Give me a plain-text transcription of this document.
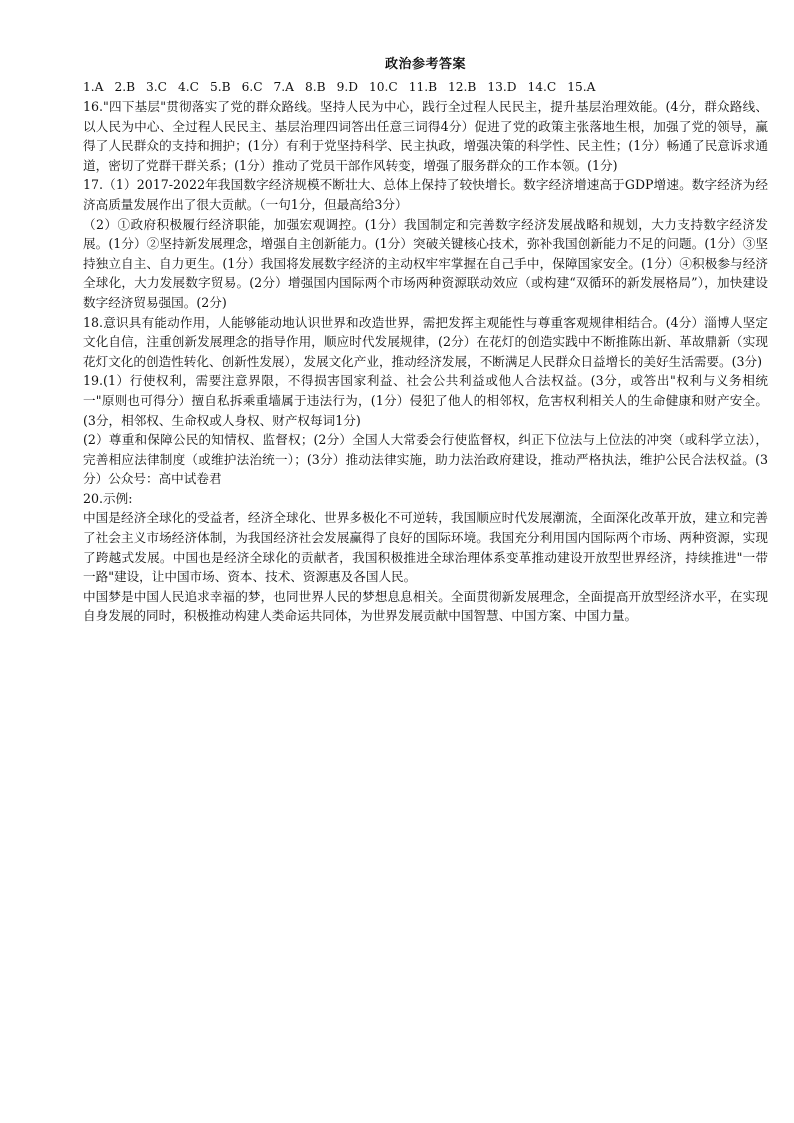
政治参考答案
1.A 2.B 3.C 4.C 5.B 6.C 7.A 8.B 9.D 10.C 11.B 12.B 13.D 14.C 15.A

16."四下基层"贯彻落实了党的群众路线。坚持人民为中心，践行全过程人民民主，提升基层治理效能。(4分，群众路线、以人民为中心、全过程人民民主、基层治理四词答出任意三词得4分）促进了党的政策主张落地生根，加强了党的领导，赢得了人民群众的支持和拥护；(1分）有利于党坚持科学、民主执政，增强决策的科学性、民主性；(1分）畅通了民意诉求通道，密切了党群干群关系；(1分）推动了党员干部作风转变，增强了服务群众的工作本领。(1分)

17.（1）2017-2022年我国数字经济规模不断壮大、总体上保持了较快增长。数字经济增速高于GDP增速。数字经济为经济高质量发展作出了很大贡献。（一句1分，但最高给3分）

（2）①政府积极履行经济职能，加强宏观调控。(1分）我国制定和完善数字经济发展战略和规划，大力支持数字经济发展。(1分）②坚持新发展理念，增强自主创新能力。(1分）突破关键核心技术，弥补我国创新能力不足的问题。(1分）③坚持独立自主、自力更生。(1分）我国将发展数字经济的主动权牢牢掌握在自己手中，保障国家安全。(1分）④积极参与经济全球化，大力发展数字贸易。(2分）增强国内国际两个市场两种资源联动效应（或构建“双循环的新发展格局”），加快建设数字经济贸易强国。(2分)

18.意识具有能动作用，人能够能动地认识世界和改造世界，需把发挥主观能性与尊重客观规律相结合。(4分）淄博人坚定文化自信，注重创新发展理念的指导作用，顺应时代发展规律，(2分）在花灯的创造实践中不断推陈出新、革故鼎新（实现花灯文化的创造性转化、创新性发展），发展文化产业，推动经济发展，不断满足人民群众日益增长的美好生活需要。(3分)

19.(1）行使权利，需要注意界限，不得损害国家利益、社会公共利益或他人合法权益。(3分，或答出"权利与义务相统一"原则也可得分）擅自私拆乘重墙属于违法行为，(1分）侵犯了他人的相邻权，危害权利相关人的生命健康和财产安全。(3分，相邻权、生命权或人身权、财产权每词1分)

(2）尊重和保障公民的知情权、监督权；(2分）全国人大常委会行使监督权，纠正下位法与上位法的冲突（或科学立法），完善相应法律制度（或维护法治统一）；(3分）推动法律实施，助力法治政府建设，推动严格执法，维护公民合法权益。(3分）公众号：高中试卷君

20.示例:

中国是经济全球化的受益者，经济全球化、世界多极化不可逆转，我国顺应时代发展潮流，全面深化改革开放，建立和完善了社会主义市场经济体制，为我国经济社会发展赢得了良好的国际环境。我国充分利用国内国际两个市场、两种资源，实现了跨越式发展。中国也是经济全球化的贡献者，我国积极推进全球治理体系变革推动建设开放型世界经济，持续推进"一带一路"建设，让中国市场、资本、技术、资源惠及各国人民。

中国梦是中国人民追求幸福的梦，也同世界人民的梦想息息相关。全面贯彻新发展理念，全面提高开放型经济水平，在实现自身发展的同时，积极推动构建人类命运共同体，为世界发展贡献中国智慧、中国方案、中国力量。
